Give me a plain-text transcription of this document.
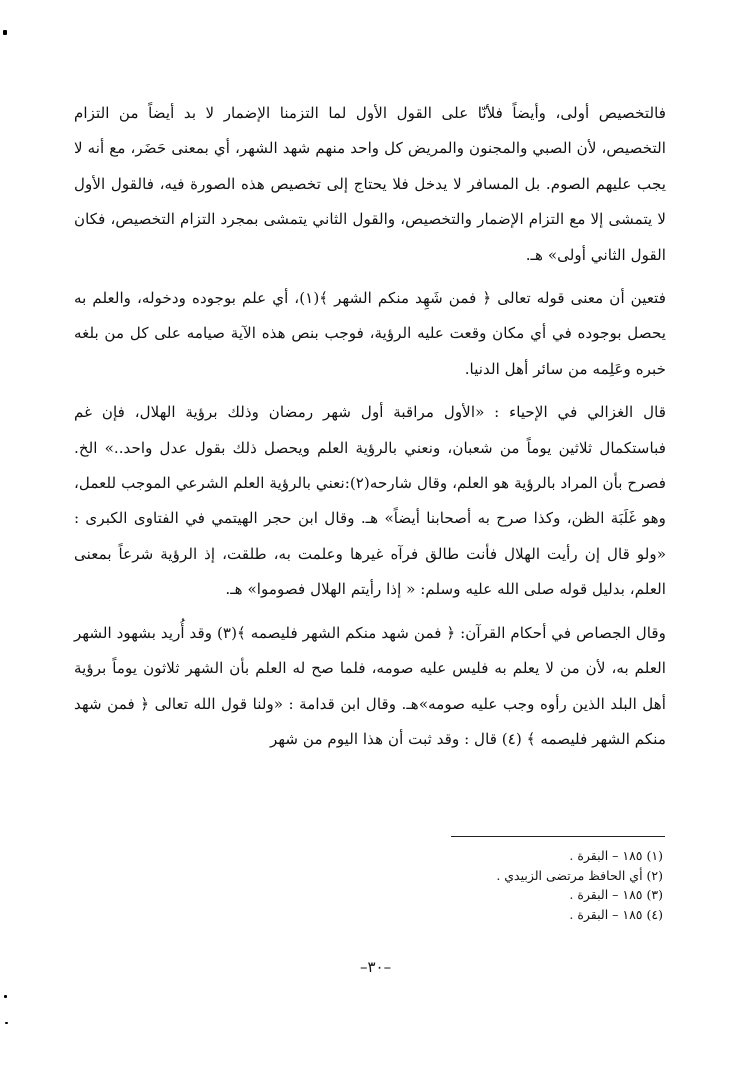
فالتخصيص أولى، وأيضاً فلأنّا على القول الأول لما التزمنا الإضمار لا بد أيضاً من التزام التخصيص، لأن الصبي والمجنون والمريض كل واحد منهم شهد الشهر، أي بمعنى حَضَر، مع أنه لا يجب عليهم الصوم. بل المسافر لا يدخل فلا يحتاج إلى تخصيص هذه الصورة فيه، فالقول الأول لا يتمشى إلا مع التزام الإضمار والتخصيص، والقول الثاني يتمشى بمجرد التزام التخصيص، فكان القول الثاني أولى» هـ.

فتعين أن معنى قوله تعالى ﴿ فمن شَهِد منكم الشهر ﴾(١)، أي علم بوجوده ودخوله، والعلم به يحصل بوجوده في أي مكان وقعت عليه الرؤية، فوجب بنص هذه الآية صيامه على كل من بلغه خبره وعَلِمه من سائر أهل الدنيا.

قال الغزالي في الإحياء : «الأول مراقبة أول شهر رمضان وذلك برؤية الهلال، فإن غم فباستكمال ثلاثين يوماً من شعبان، ونعني بالرؤية العلم ويحصل ذلك بقول عدل واحد..» الخ. فصرح بأن المراد بالرؤية هو العلم، وقال شارحه(٢):نعني بالرؤية العلم الشرعي الموجب للعمل، وهو غَلَبَة الظن، وكذا صرح به أصحابنا أيضاً» هـ. وقال ابن حجر الهيتمي في الفتاوى الكبرى : «ولو قال إن رأيت الهلال فأنت طالق فرآه غيرها وعلمت به، طلقت، إذ الرؤية شرعاً بمعنى العلم، بدليل قوله صلى الله عليه وسلم: « إذا رأيتم الهلال فصوموا» هـ.

وقال الجصاص في أحكام القرآن: ﴿ فمن شهد منكم الشهر فليصمه ﴾(٣) وقد أُريد بشهود الشهر العلم به، لأن من لا يعلم به فليس عليه صومه، فلما صح له العلم بأن الشهر ثلاثون يوماً برؤية أهل البلد الذين رأوه وجب عليه صومه»هـ. وقال ابن قدامة : «ولنا قول الله تعالى ﴿ فمن شهد منكم الشهر فليصمه ﴾ (٤) قال : وقد ثبت أن هذا اليوم من شهر

(١) ١٨٥ – البقرة .

(٢) أي الحافظ مرتضى الزبيدي .

(٣) ١٨٥ – البقرة .

(٤) ١٨٥ – البقرة .

–٣٠–
